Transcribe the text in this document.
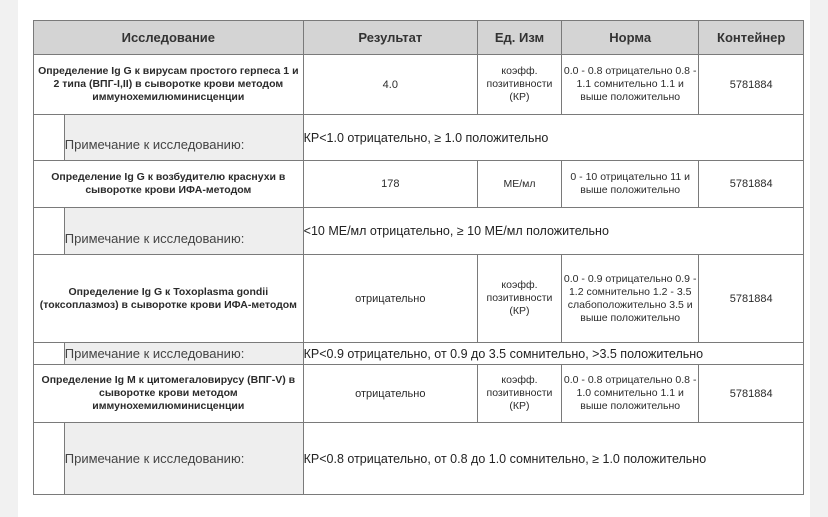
Исследование		Результат	Ед. Изм	Норма	Контейнер
Определение Ig G к вирусам простого герпеса 1 и 2 типа (ВПГ-I,II) в сыворотке крови методом иммунохемилюминисценции		4.0	коэфф. позитивности (КР)	0.0 - 0.8 отрицательно 0.8 - 1.1 сомнительно 1.1 и выше положительно	5781884
	Примечание к исследованию:	КР<1.0 отрицательно, ≥ 1.0 положительно			
Определение Ig G к возбудителю краснухи в сыворотке крови ИФА-методом		178	МЕ/мл	0 - 10 отрицательно 11 и выше положительно	5781884
	Примечание к исследованию:	<10 МЕ/мл отрицательно, ≥ 10 МЕ/мл положительно			
Определение Ig G к Toxoplasma gondii (токсоплазмоз) в сыворотке крови ИФА-методом		отрицательно	коэфф. позитивности (КР)	0.0 - 0.9 отрицательно 0.9 - 1.2 сомнительно 1.2 - 3.5 слабоположительно 3.5 и выше положительно	5781884
	Примечание к исследованию:	КР<0.9 отрицательно, от 0.9 до 3.5 сомнительно, >3.5 положительно			
Определение Ig M к цитомегаловирусу (ВПГ-V) в сыворотке крови методом иммунохемилюминисценции		отрицательно	коэфф. позитивности (КР)	0.0 - 0.8 отрицательно 0.8 - 1.0 сомнительно 1.1 и выше положительно	5781884
	Примечание к исследованию:	КР<0.8 отрицательно, от 0.8 до 1.0 сомнительно, ≥ 1.0 положительно			
